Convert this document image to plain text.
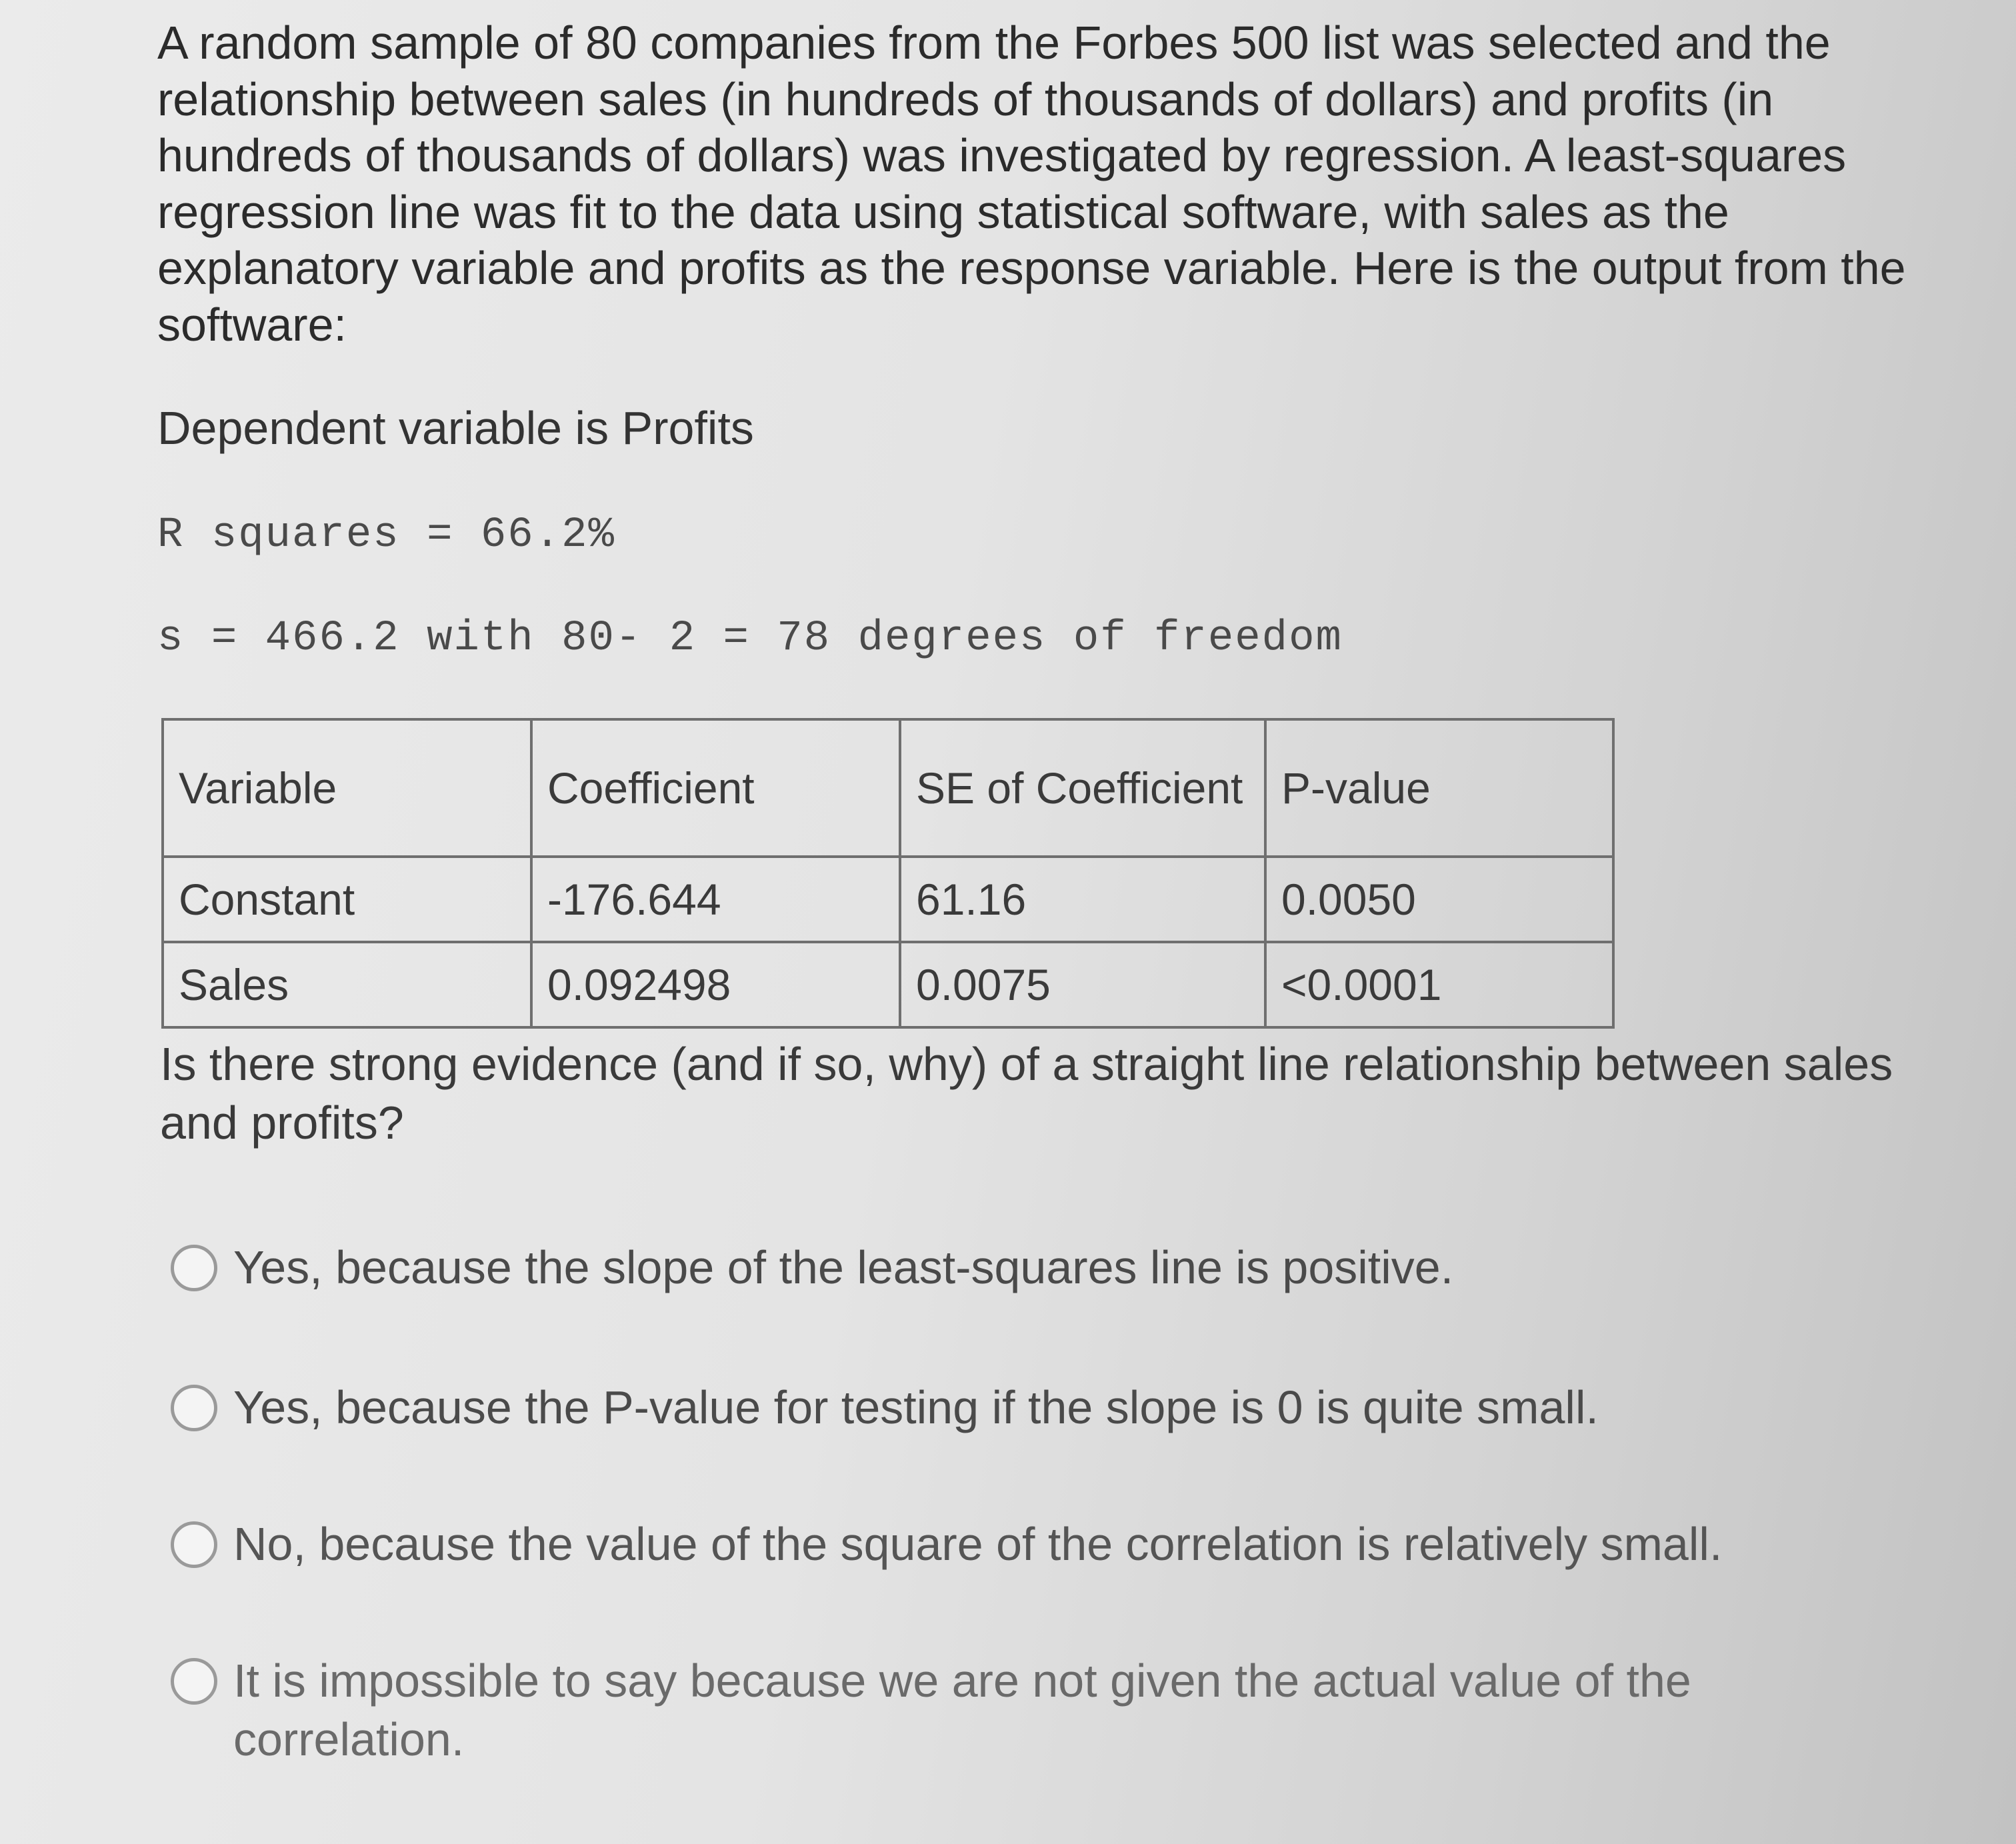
A random sample of 80 companies from the Forbes 500 list was selected and the relationship between sales (in hundreds of thousands of dollars) and profits (in hundreds of thousands of dollars) was investigated by regression. A least-squares regression line was fit to the data using statistical software, with sales as the explanatory variable and profits as the response variable. Here is the output from the software:

Dependent variable is Profits
R squares = 66.2%
s = 466.2 with 80- 2 = 78 degrees of freedom
Variable	Coefficient	SE of Coefficient	P-value
Constant	-176.644	61.16	0.0050
Sales	0.092498	0.0075	<0.0001

Is there strong evidence (and if so, why) of a straight line relationship between sales and profits?

Yes, because the slope of the least-squares line is positive.
Yes, because the P-value for testing if the slope is 0 is quite small.
No, because the value of the square of the correlation is relatively small.
It is impossible to say because we are not given the actual value of the correlation.
